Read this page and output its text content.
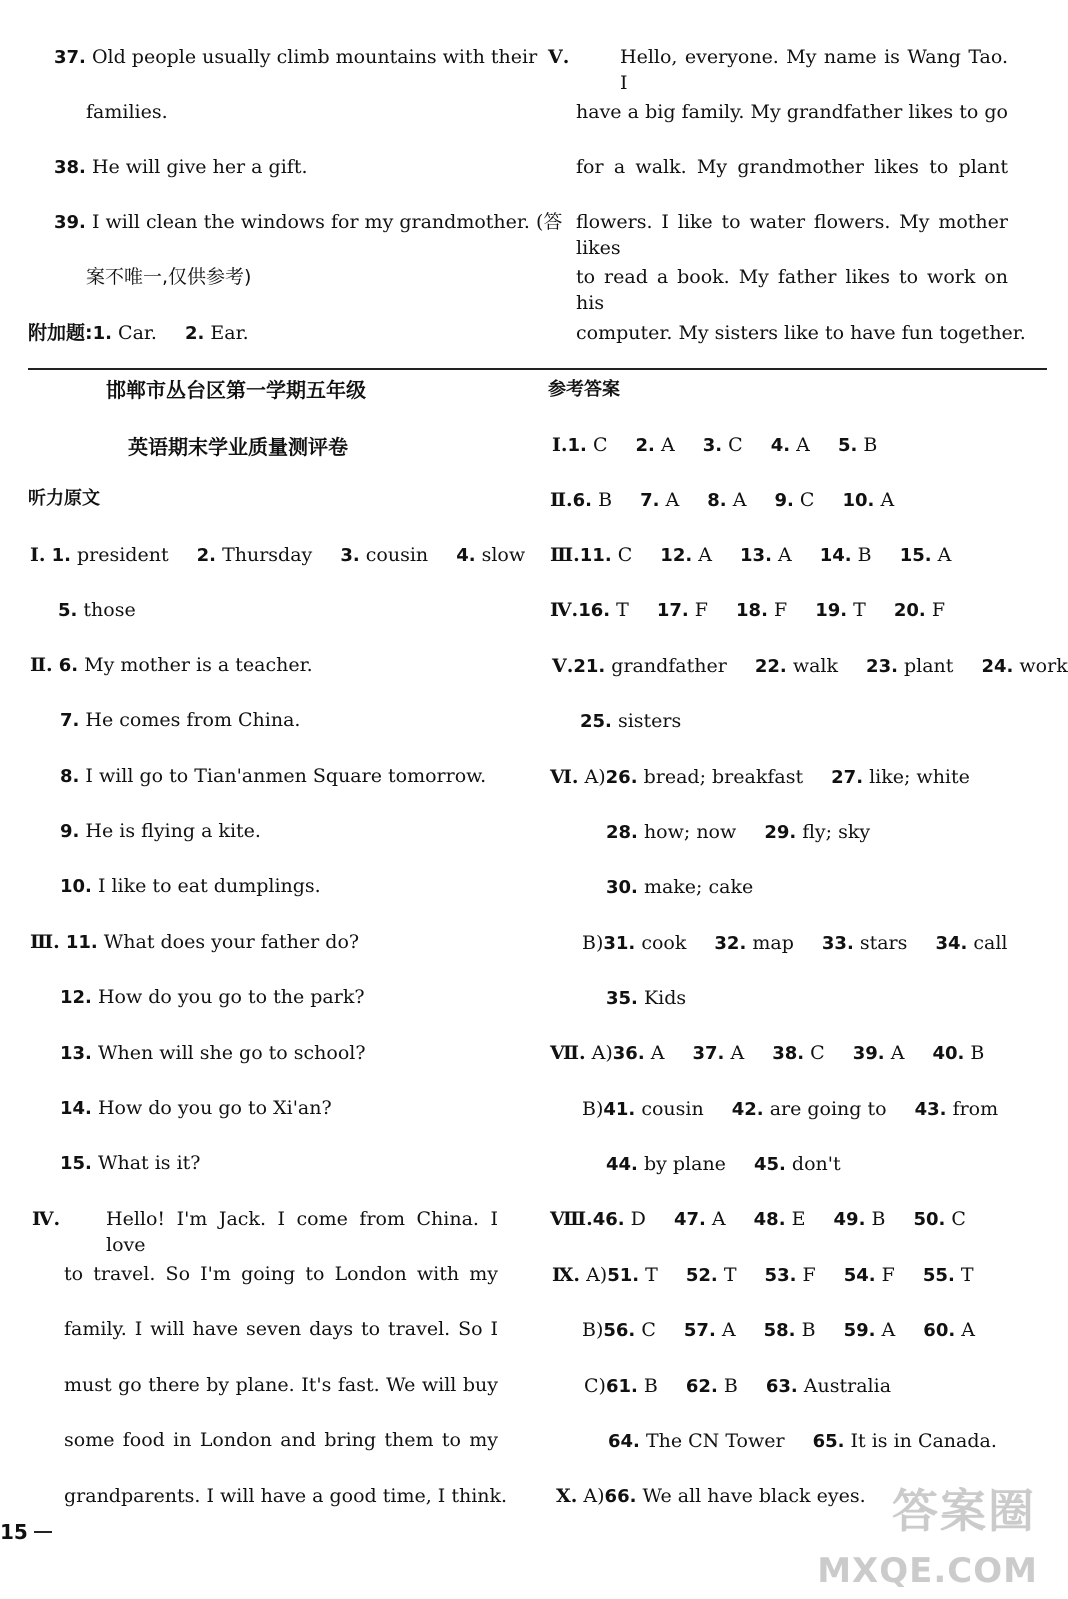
37. Old people usually climb mountains with their
families.
38. He will give her a gift.
39. I will clean the windows for my grandmother. (答
案不唯一,仅供参考)
附加题:1. Car. 2. Ear.
Ⅴ.	Hello, everyone. My name is Wang Tao. I
have a big family. My grandfather likes to go
for a walk. My grandmother likes to plant
flowers. I like to water flowers. My mother likes
to read a book. My father likes to work on his
computer. My sisters like to have fun together.
邯郸市丛台区第一学期五年级
英语期末学业质量测评卷
听力原文
Ⅰ. 1. president 2. Thursday 3. cousin 4. slow
5. those
Ⅱ. 6. My mother is a teacher.
7. He comes from China.
8. I will go to Tian'anmen Square tomorrow.
9. He is flying a kite.
10. I like to eat dumplings.
Ⅲ. 11. What does your father do?
12. How do you go to the park?
13. When will she go to school?
14. How do you go to Xi'an?
15. What is it?
Ⅳ. Hello! I'm Jack. I come from China. I love
to travel. So I'm going to London with my
family. I will have seven days to travel. So I
must go there by plane. It's fast. We will buy
some food in London and bring them to my
grandparents. I will have a good time, I think.
参考答案
Ⅰ.1. C 2. A 3. C 4. A 5. B
Ⅱ.6. B 7. A 8. A 9. C 10. A
Ⅲ.11. C 12. A 13. A 14. B 15. A
Ⅳ.16. T 17. F 18. F 19. T 20. F
Ⅴ.21. grandfather 22. walk 23. plant 24. work
25. sisters
Ⅵ. A)26. bread; breakfast 27. like; white
28. how; now 29. fly; sky
30. make; cake
B)31. cook 32. map 33. stars 34. call
35. Kids
Ⅶ. A)36. A 37. A 38. C 39. A 40. B
B)41. cousin 42. are going to 43. from
44. by plane 45. don't
Ⅷ.46. D 47. A 48. E 49. B 50. C
Ⅸ. A)51. T 52. T 53. F 54. F 55. T
B)56. C 57. A 58. B 59. A 60. A
C)61. B 62. B 63. Australia
64. The CN Tower 65. It is in Canada.
Ⅹ. A)66. We all have black eyes.
15	答案圈
MXQE.COM
